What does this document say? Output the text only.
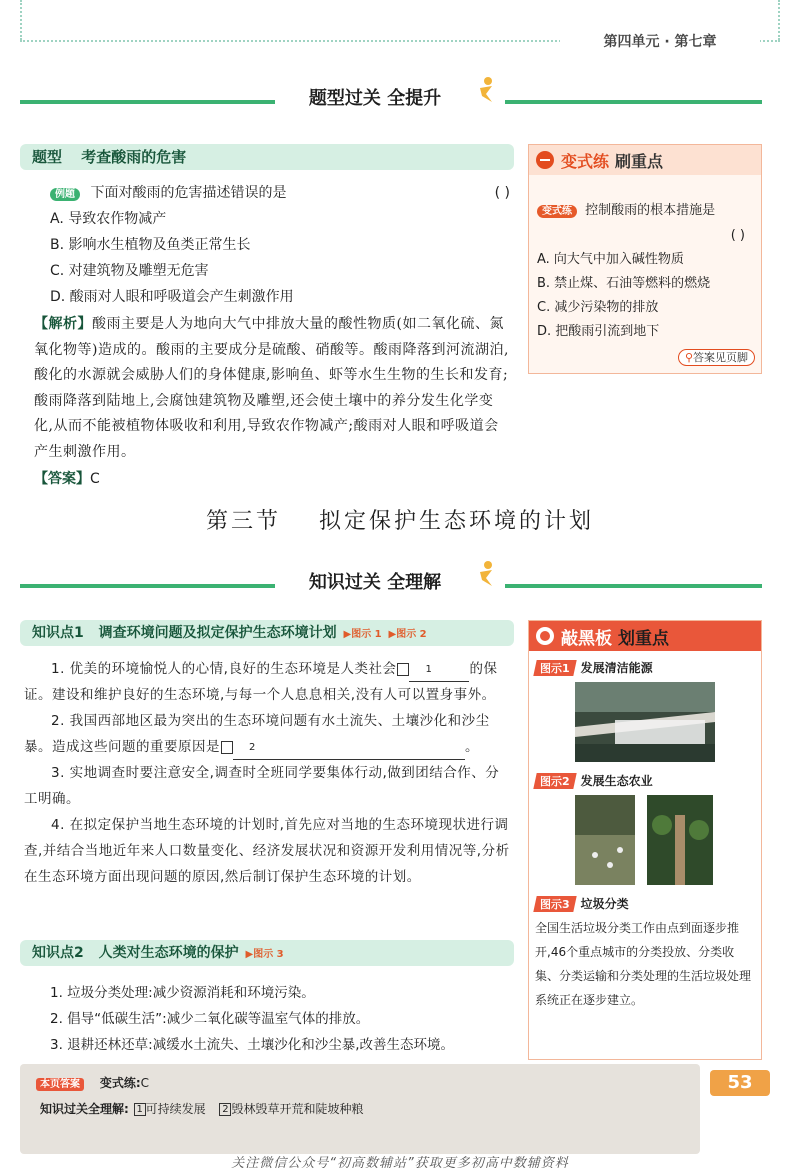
第四单元 · 第七章
题型过关 全提升
题型 考查酸雨的危害
例题 下面对酸雨的危害描述错误的是	( )
A. 导致农作物减产
B. 影响水生植物及鱼类正常生长
C. 对建筑物及雕塑无危害
D. 酸雨对人眼和呼吸道会产生刺激作用
【解析】酸雨主要是人为地向大气中排放大量的酸性物质(如二氧化硫、氮氧化物等)造成的。酸雨的主要成分是硫酸、硝酸等。酸雨降落到河流湖泊,酸化的水源就会威胁人们的身体健康,影响鱼、虾等水生生物的生长和发育;酸雨降落到陆地上,会腐蚀建筑物及雕塑,还会使土壤中的养分发生化学变化,从而不能被植物体吸收和利用,导致农作物减产;酸雨对人眼和呼吸道会产生刺激作用。
【答案】C
变式练 刷重点
变式练 控制酸雨的根本措施是
( )
A. 向大气中加入碱性物质
B. 禁止煤、石油等燃料的燃烧
C. 减少污染物的排放
D. 把酸雨引流到地下
⚲答案见页脚
第三节 拟定保护生态环境的计划
知识过关 全理解
知识点1 调查环境问题及拟定保护生态环境计划 ▶图示 1 ▶图示 2
1. 优美的环境愉悦人的心情,良好的生态环境是人类社会	1	的保证。建设和维护良好的生态环境,与每一个人息息相关,没有人可以置身事外。
2. 我国西部地区最为突出的生态环境问题有水土流失、土壤沙化和沙尘暴。造成这些问题的重要原因是	2	。
3. 实地调查时要注意安全,调查时全班同学要集体行动,做到团结合作、分工明确。
4. 在拟定保护当地生态环境的计划时,首先应对当地的生态环境现状进行调查,并结合当地近年来人口数量变化、经济发展状况和资源开发利用情况等,分析在生态环境方面出现问题的原因,然后制订保护生态环境的计划。
知识点2 人类对生态环境的保护 ▶图示 3
1. 垃圾分类处理:减少资源消耗和环境污染。
2. 倡导“低碳生活”:减少二氧化碳等温室气体的排放。
3. 退耕还林还草:减缓水土流失、土壤沙化和沙尘暴,改善生态环境。
敲黑板 划重点
图示1 发展清洁能源
图示2 发展生态农业
图示3 垃圾分类
全国生活垃圾分类工作由点到面逐步推开,46个重点城市的分类投放、分类收集、分类运输和分类处理的生活垃圾处理系统正在逐步建立。
本页答案 变式练:C
知识过关全理解: 1 可持续发展 2 毁林毁草开荒和陡坡种粮
53
关注微信公众号“初高数辅站”获取更多初高中数辅资料
